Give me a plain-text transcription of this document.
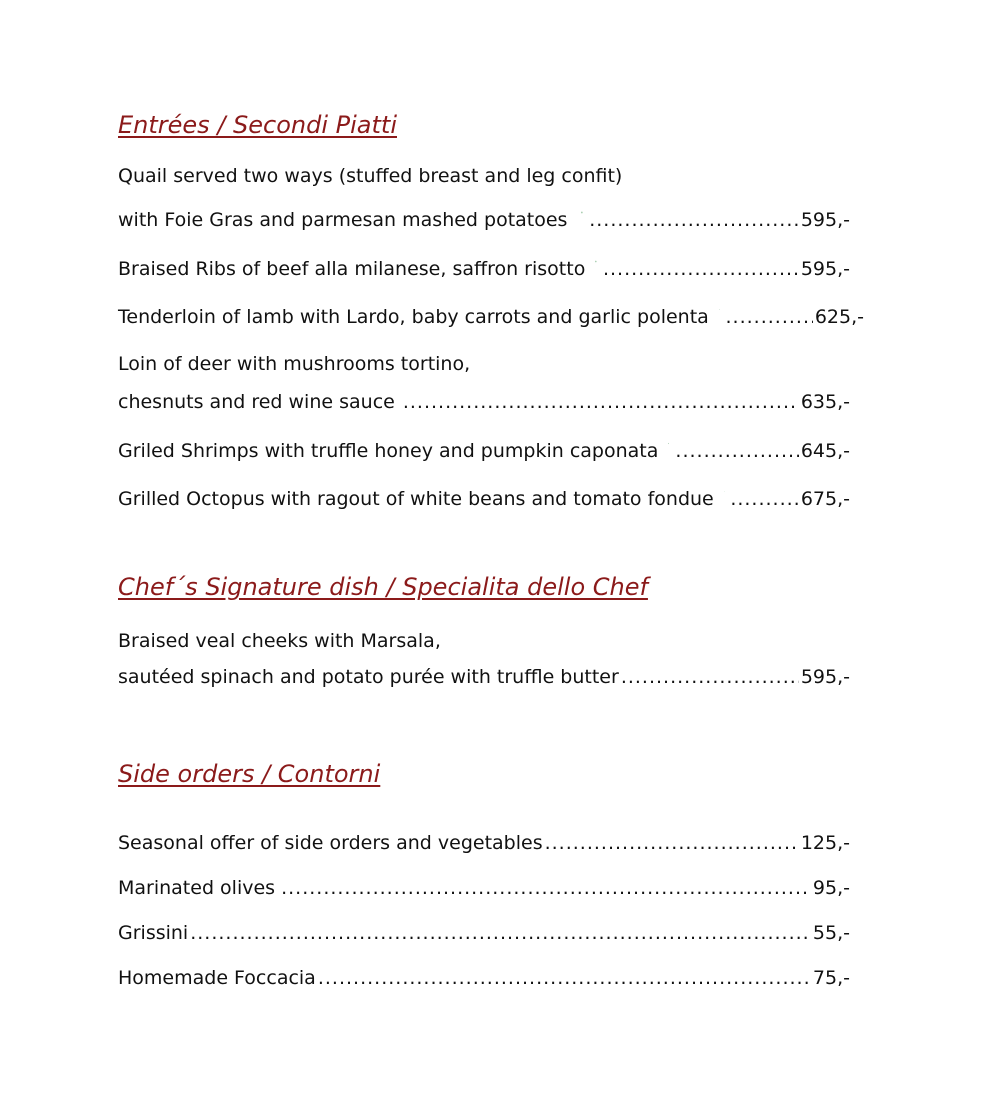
Entrées / Secondi Piatti
Quail served two ways (stuffed breast and leg confit)
with Foie Gras and parmesan mashed potatoes .....	595,-
Braised Ribs of beef alla milanese, saffron risotto .....	595,-
Tenderloin of lamb with Lardo, baby carrots and garlic polenta .....	625,-
Loin of deer with mushrooms tortino,
chesnuts and red wine sauce .....	635,-
Griled Shrimps with truffle honey and pumpkin caponata .....	645,-
Grilled Octopus with ragout of white beans and tomato fondue .....	675,-
Chef´s Signature dish / Specialita dello Chef
Braised veal cheeks with Marsala,
sautéed spinach and potato purée with truffle butter .....	595,-
Side orders / Contorni
Seasonal offer of side orders and vegetables .....	125,-
Marinated olives .....	95,-
Grissini .....	55,-
Homemade Foccacia .....	75,-
